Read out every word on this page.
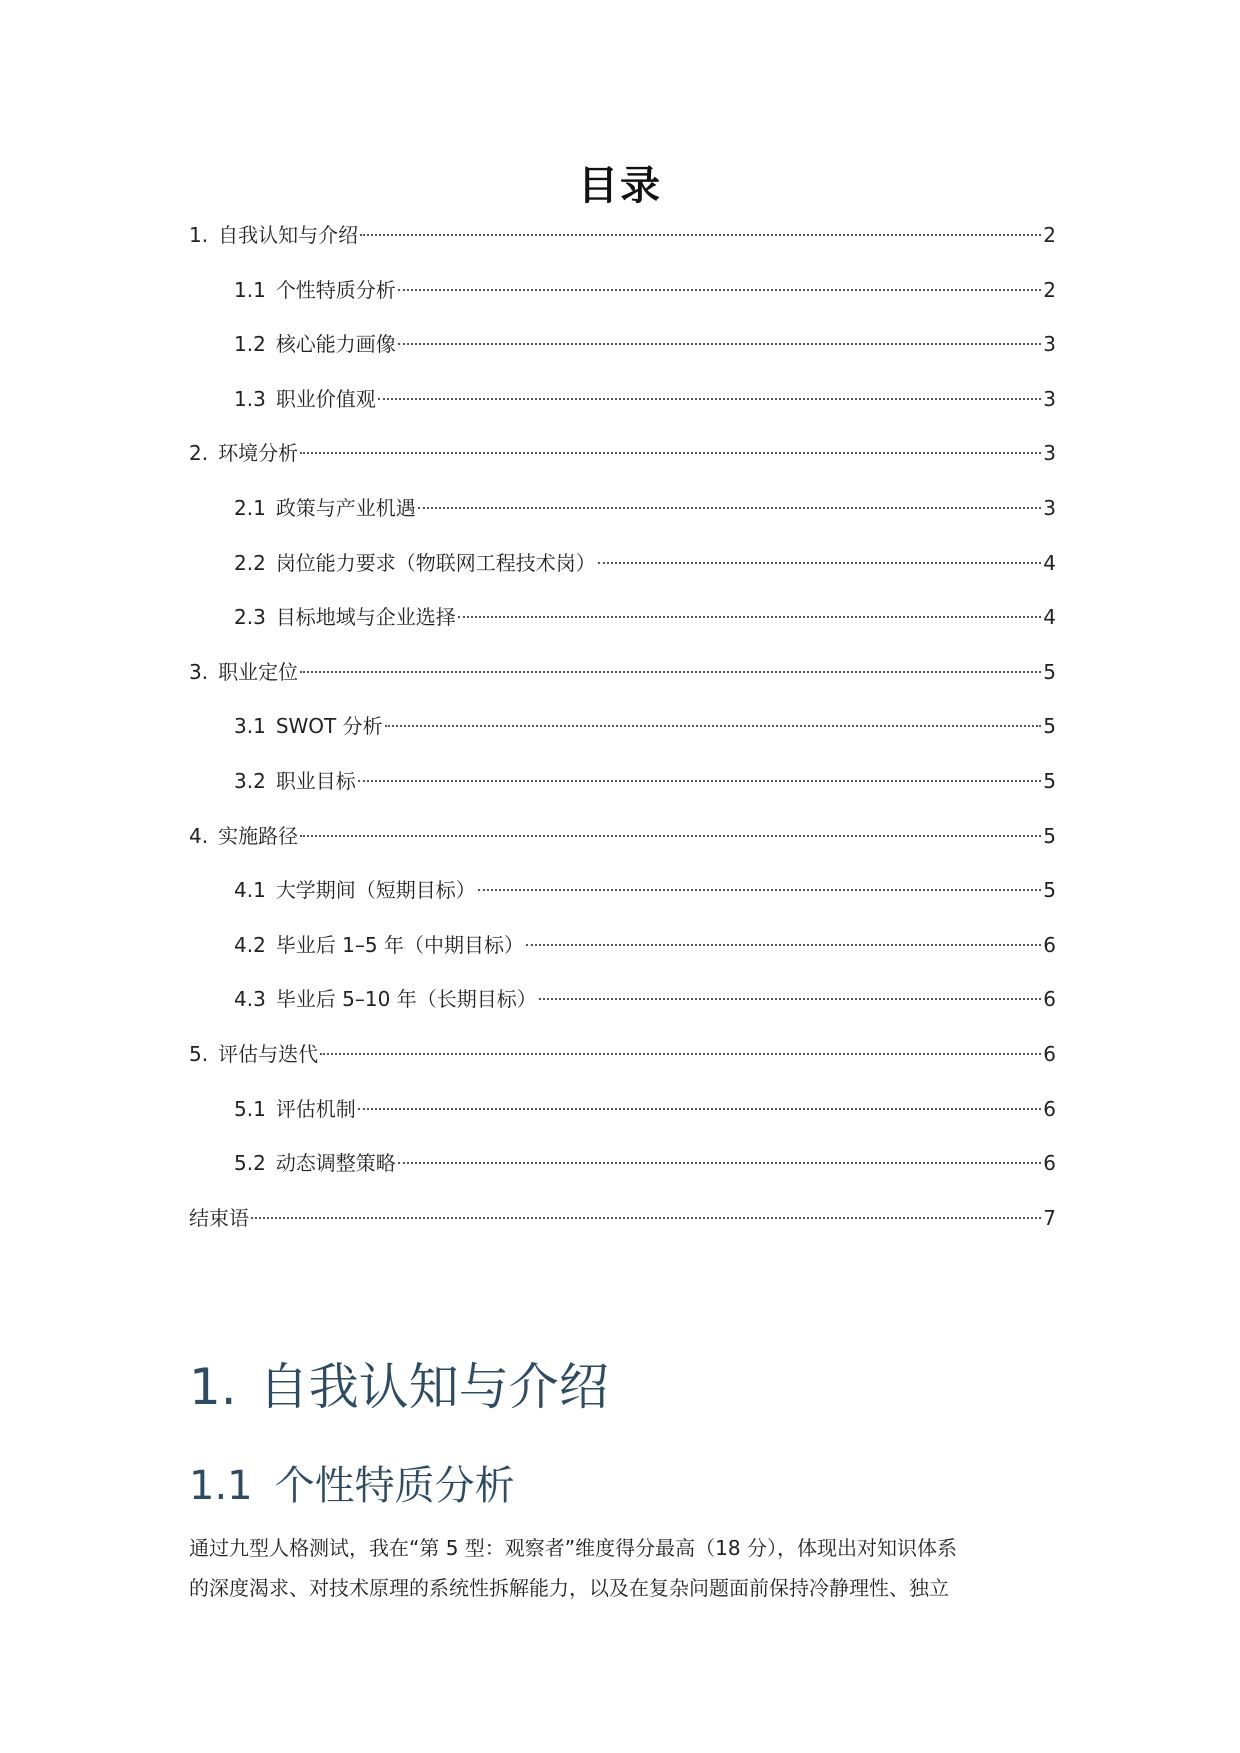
目录
1. 自我认知与介绍	2
1.1 个性特质分析	2
1.2 核心能力画像	3
1.3 职业价值观	3
2. 环境分析	3
2.1 政策与产业机遇	3
2.2 岗位能力要求（物联网工程技术岗）	4
2.3 目标地域与企业选择	4
3. 职业定位	5
3.1 SWOT 分析	5
3.2 职业目标	5
4. 实施路径	5
4.1 大学期间（短期目标）	5
4.2 毕业后 1–5 年（中期目标）	6
4.3 毕业后 5–10 年（长期目标）	6
5. 评估与迭代	6
5.1 评估机制	6
5.2 动态调整策略	6
结束语	7
1. 自我认知与介绍
1.1 个性特质分析
通过九型人格测试，我在“第 5 型：观察者”维度得分最高（18 分），体现出对知识体系
的深度渴求、对技术原理的系统性拆解能力，以及在复杂问题面前保持冷静理性、独立
